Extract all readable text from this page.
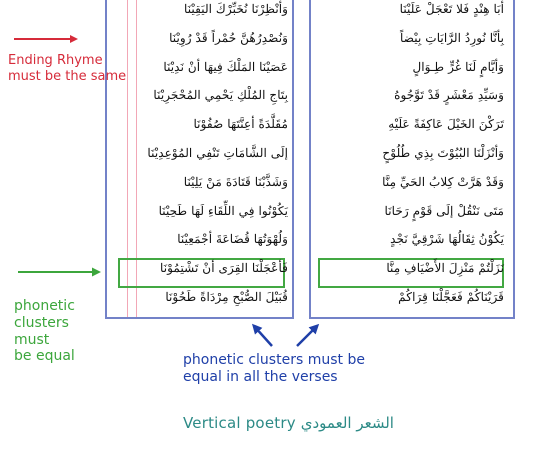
وَأنْظِرْنَا نُخَبِّرْكَ اليَقِيْنَا
وَنُصْدِرُهُنَّ حُمْراً قَدْ رُوِيْنَا
عَصَيْنَا المَلْكَ فِيهَا أنْ نَدِيْنَا
بِتَاجِ المُلْكِ يَحْمِي المُحْجَرِيْنَا
مُقَلَّدَةً أعِنَّتَهَا صُفُوْنَا
إلَى الشَّامَاتِ تَنْفِي المُوْعِدِيْنَا
وَشَذَّبْنَا قَتَادَةَ مَنْ يَلِيْنَا
يَكُوْنُوا فِي اللِّقَاءِ لَهَا طَحِيْنَا
وَلُهْوَتُهَا قُضَاعَةَ أجْمَعِيْنَا
فَأعْجَلْنَا القِرَى أنْ تَشْتِمُوْنَا
قُبَيْلَ الصُّبْحِ مِرْدَاةً طَحُوْنَا
أبَا هِنْدٍ فَلا تَعْجَلْ عَلَيْنَا
بِأنَّا نُورِدُ الرَّايَاتِ بِيْضاً
وَأيَّامٍ لَنَا غُرٍّ طِـوَالٍ
وَسَيِّدِ مَعْشَرٍ قَدْ تَوَّجُوهُ
تَرَكْنَ الخَيْلَ عَاكِفَةً عَلَيْهِ
وَأنْزَلْنَا البُيُوْتَ بِذِي طُلُوْحٍ
وَقَدْ هَرَّتْ كِلابُ الحَيِّ مِنَّا
مَتَى نَنْقُلْ إلَى قَوْمٍ رَحَانَا
يَكُوْنُ ثِقَالُهَا شَرْقِيَّ نَجْدٍ
نَزَلْتُمْ مَنْزِلَ الأَضْيَافِ مِنَّا
قَرَيْنَاكُمْ فَعَجَّلْنَا قِرَاكُمْ
Ending Rhyme
must be the same
phonetic
clusters
must
be equal	phonetic clusters must be
equal in all the verses
Vertical poetry الشعر العمودي
